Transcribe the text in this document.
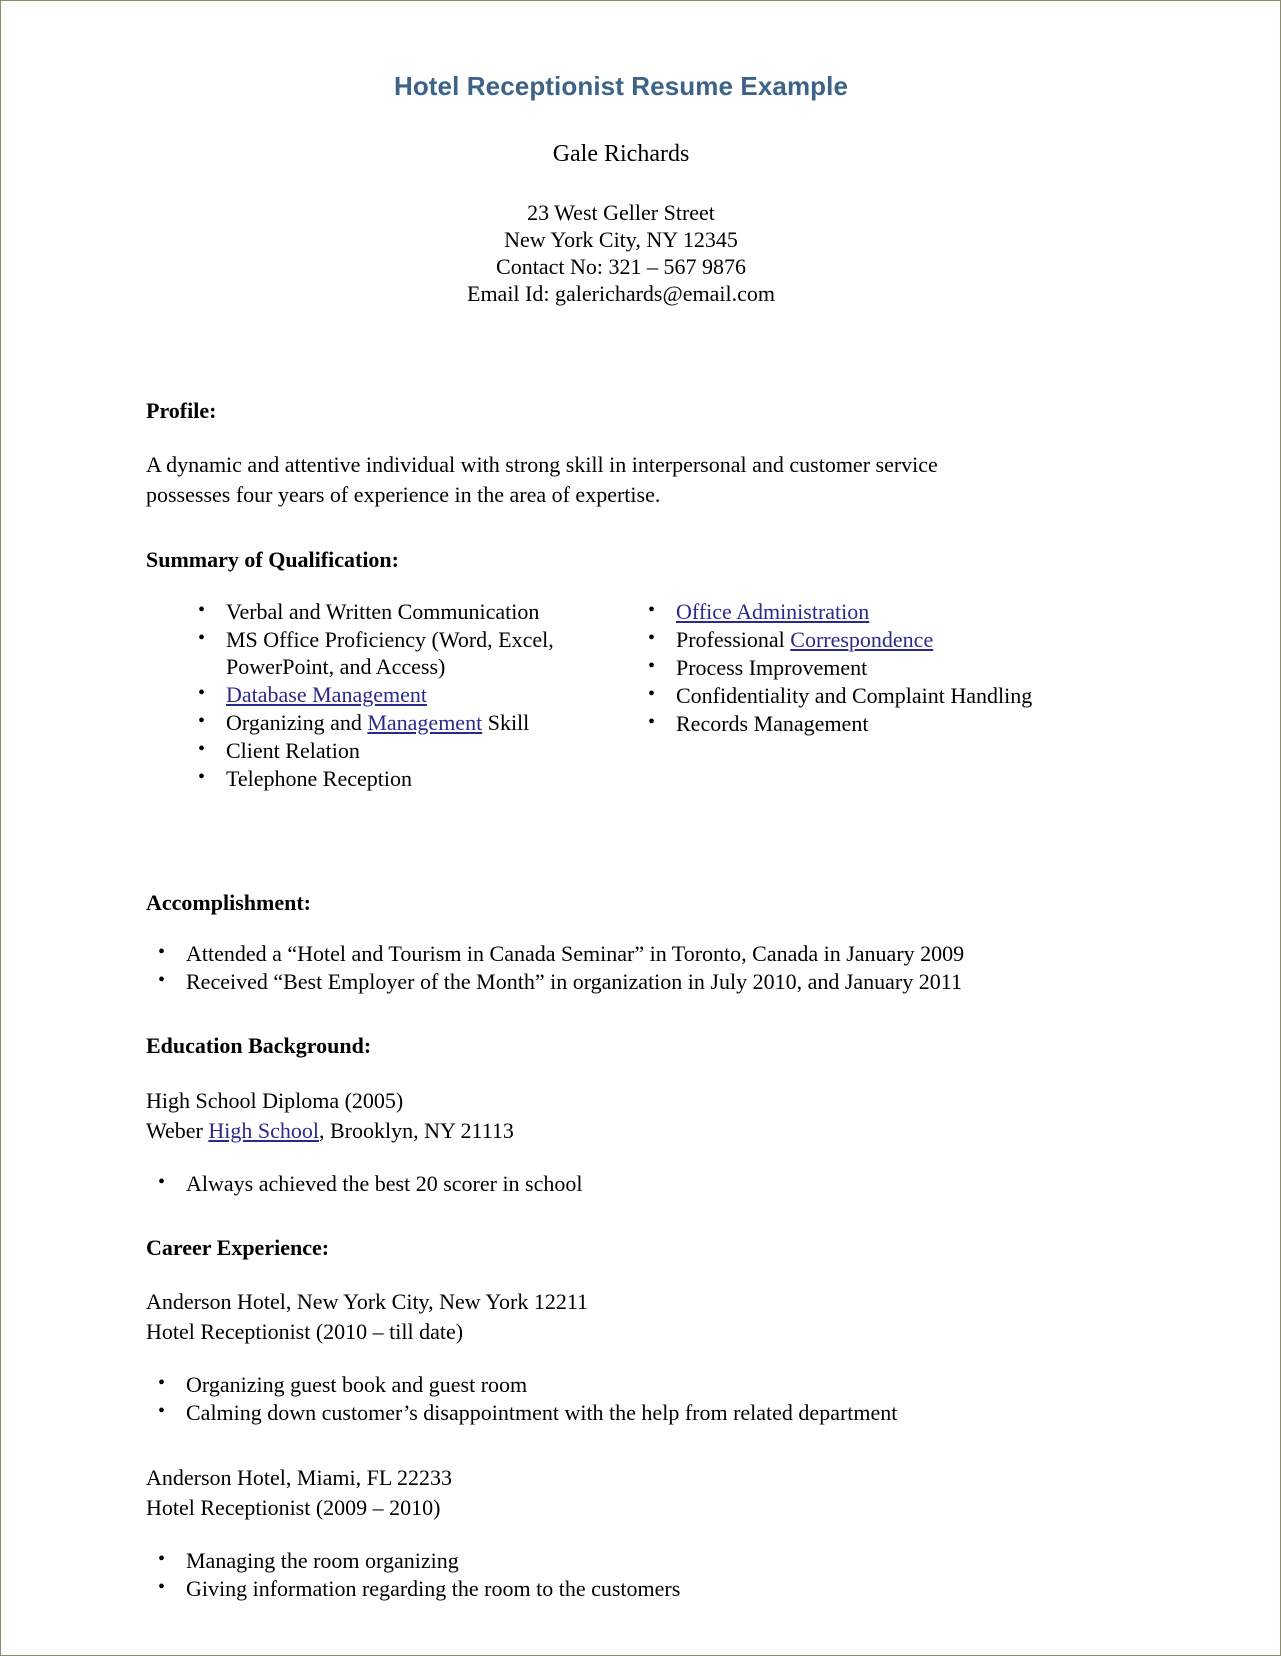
Hotel Receptionist Resume Example
Gale Richards
23 West Geller Street
New York City, NY 12345
Contact No: 321 – 567 9876
Email Id: galerichards@email.com
Profile:

A dynamic and attentive individual with strong skill in interpersonal and customer service possesses four years of experience in the area of expertise.

Summary of Qualification:
• Verbal and Written Communication
• MS Office Proficiency (Word, Excel, PowerPoint, and Access)
• Database Management
• Organizing and Management Skill
• Client Relation
• Telephone Reception
• Office Administration
• Professional Correspondence
• Process Improvement
• Confidentiality and Complaint Handling
• Records Management
Accomplishment:
• Attended a “Hotel and Tourism in Canada Seminar” in Toronto, Canada in January 2009
• Received “Best Employer of the Month” in organization in July 2010, and January 2011
Education Background:
High School Diploma (2005)
Weber High School, Brooklyn, NY 21113
• Always achieved the best 20 scorer in school
Career Experience:
Anderson Hotel, New York City, New York 12211
Hotel Receptionist (2010 – till date)
• Organizing guest book and guest room
• Calming down customer’s disappointment with the help from related department
Anderson Hotel, Miami, FL 22233
Hotel Receptionist (2009 – 2010)
• Managing the room organizing
• Giving information regarding the room to the customers
